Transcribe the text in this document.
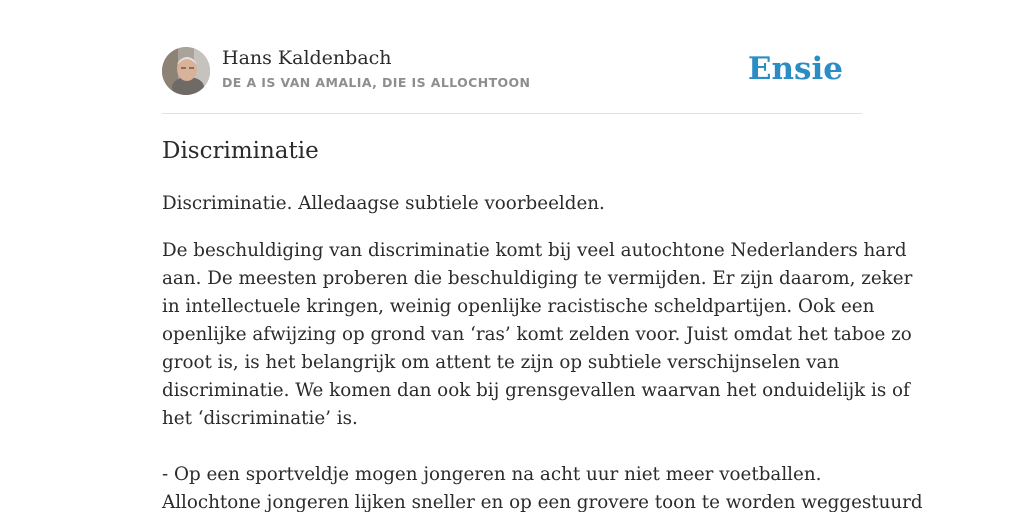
Hans Kaldenbach
DE A IS VAN AMALIA, DIE IS ALLOCHTOON	Ensie
Discriminatie

Discriminatie. Alledaagse subtiele voorbeelden.

De beschuldiging van discriminatie komt bij veel autochtone Nederlanders hard
aan. De meesten proberen die beschuldiging te vermijden. Er zijn daarom, zeker
in intellectuele kringen, weinig openlijke racistische scheldpartijen. Ook een
openlijke afwijzing op grond van ‘ras’ komt zelden voor. Juist omdat het taboe zo
groot is, is het belangrijk om attent te zijn op subtiele verschijnselen van
discriminatie. We komen dan ook bij grensgevallen waarvan het onduidelijk is of
het ‘discriminatie’ is.

- Op een sportveldje mogen jongeren na acht uur niet meer voetballen.
Allochtone jongeren lijken sneller en op een grovere toon te worden weggestuurd
